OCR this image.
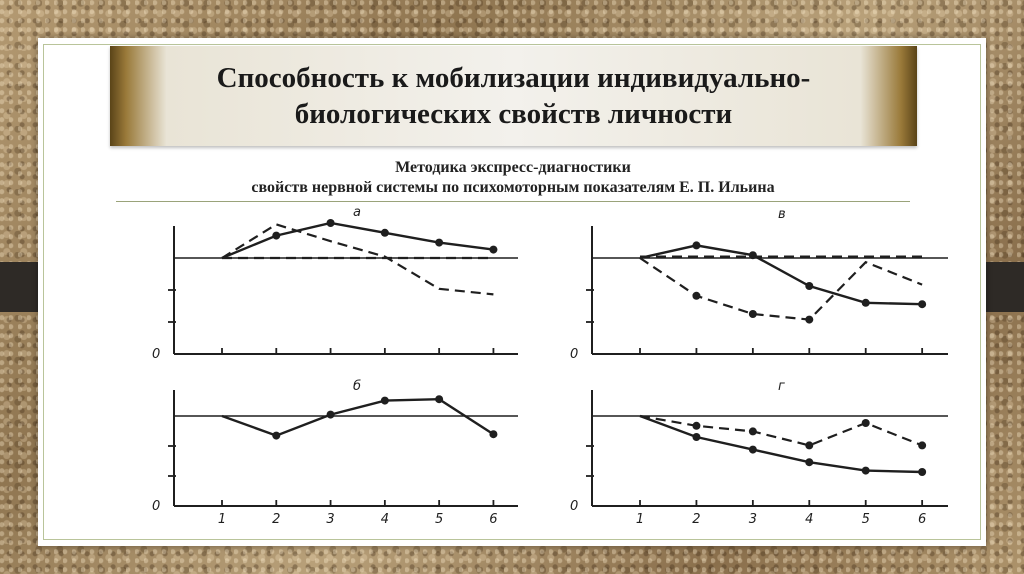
Способность к мобилизации индивидуально-
биологических свойств личности
Методика экспресс-диагностики
свойств нервной системы по психомоторным показателям Е. П. Ильина
0
а
0
в
1	2	3	4	5	6
0
б
1	2	3	4	5	6
0
г
